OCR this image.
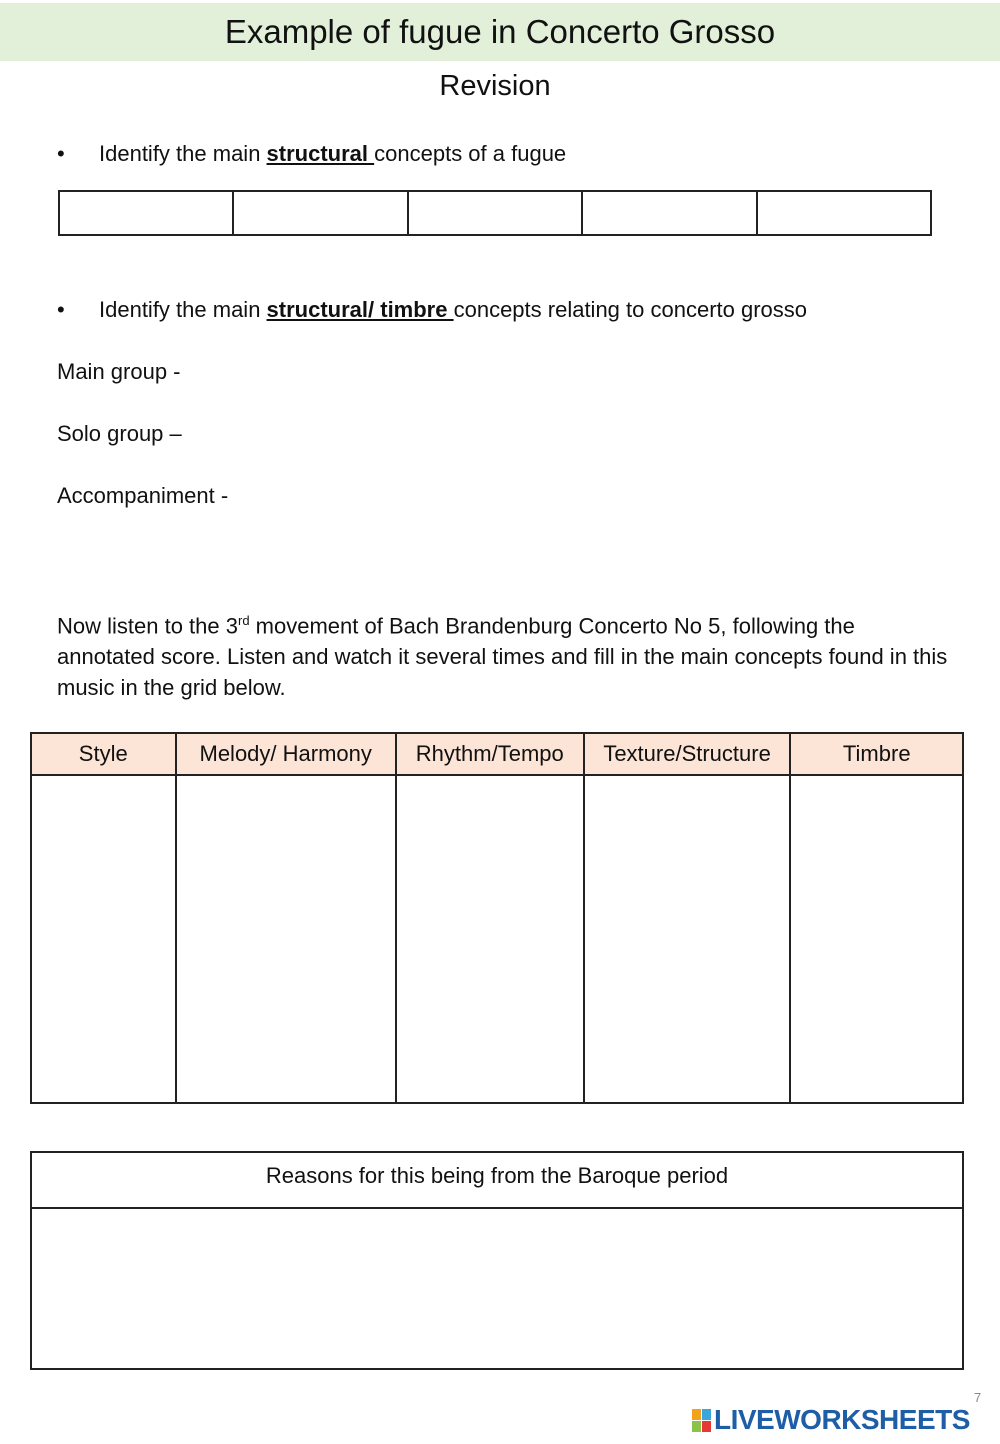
Example of fugue in Concerto Grosso
Revision
• Identify the main structural concepts of a fugue
• Identify the main structural/ timbre concepts relating to concerto grosso
Main group -
Solo group –
Accompaniment -
Now listen to the 3rd movement of Bach Brandenburg Concerto No 5, following the annotated score. Listen and watch it several times and fill in the main concepts found in this music in the grid below.
Style	Melody/ Harmony	Rhythm/Tempo	Texture/Structure	Timbre

Reasons for this being from the Baroque period
7
LIVEWORKSHEETS
